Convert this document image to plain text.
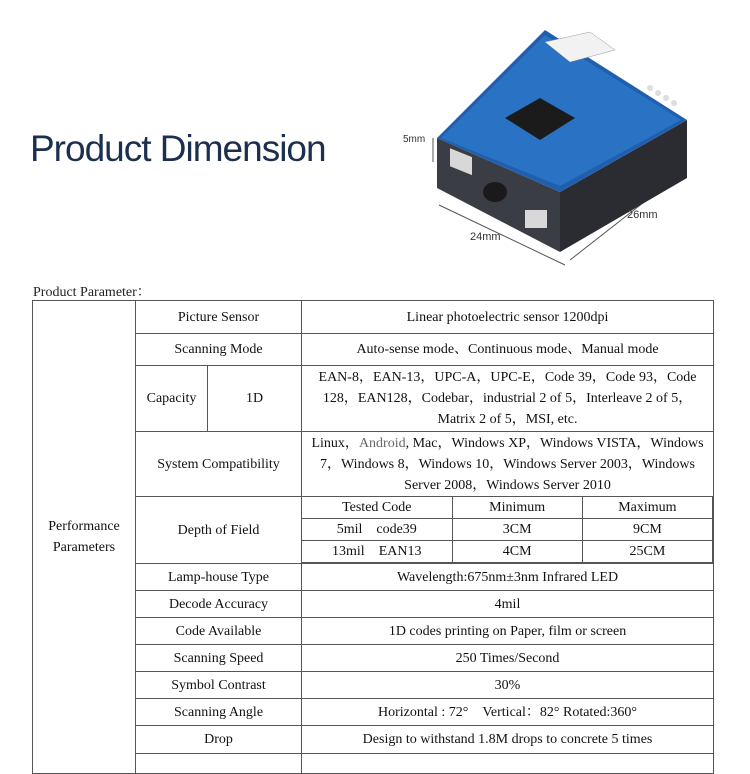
Product Dimension	5mm
24mm
26mm
Product Parameter：
Performance Parameters	Picture Sensor	Linear photoelectric sensor 1200dpi
Scanning Mode	Auto-sense mode、Continuous mode、Manual mode
Capacity	1D	EAN-8，EAN-13，UPC-A，UPC-E，Code 39，Code 93，Code 128，EAN128，Codebar，industrial 2 of 5，Interleave 2 of 5，Matrix 2 of 5，MSI, etc.
System Compatibility	Linux，Android, Mac，Windows XP，Windows VISTA，Windows 7，Windows 8，Windows 10，Windows Server 2003，Windows Server 2008，Windows Server 2010
Depth of Field	
Tested Code	Minimum	Maximum
5mil　code39	3CM	9CM
13mil　EAN13	4CM	25CM

Lamp-house Type	Wavelength:675nm±3nm Infrared LED
Decode Accuracy	4mil
Code Available	1D codes printing on Paper, film or screen
Scanning Speed	250 Times/Second
Symbol Contrast	30%
Scanning Angle	Horizontal : 72°　Vertical：82° Rotated:360°
Drop	Design to withstand 1.8M drops to concrete 5 times
